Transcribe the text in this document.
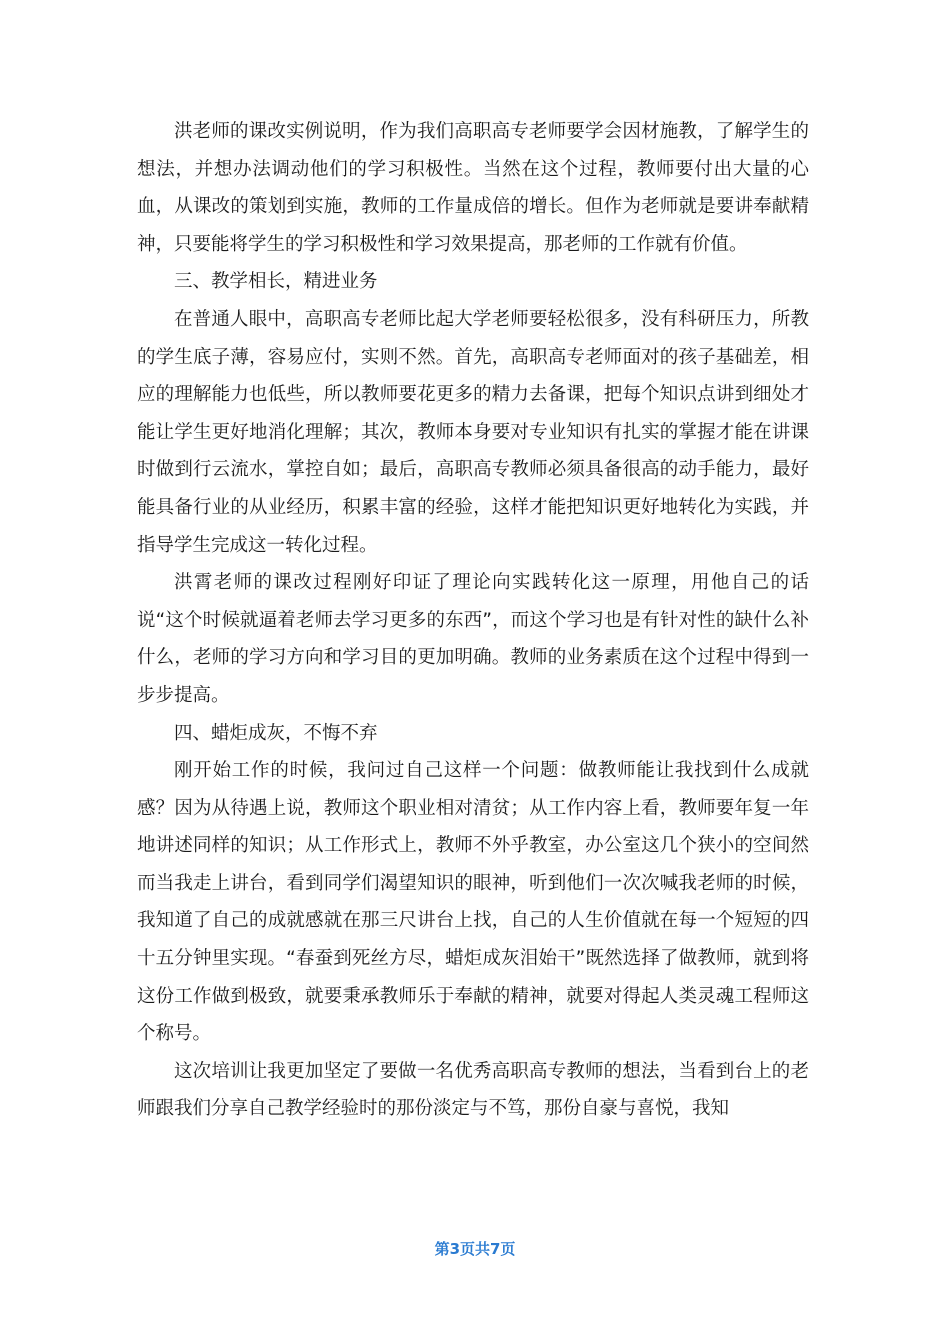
洪老师的课改实例说明，作为我们高职高专老师要学会因材施教，了解学生的想法，并想办法调动他们的学习积极性。当然在这个过程，教师要付出大量的心血，从课改的策划到实施，教师的工作量成倍的增长。但作为老师就是要讲奉献精神，只要能将学生的学习积极性和学习效果提高，那老师的工作就有价值。

三、教学相长，精进业务

在普通人眼中，高职高专老师比起大学老师要轻松很多，没有科研压力，所教的学生底子薄，容易应付，实则不然。首先，高职高专老师面对的孩子基础差，相应的理解能力也低些，所以教师要花更多的精力去备课，把每个知识点讲到细处才能让学生更好地消化理解；其次，教师本身要对专业知识有扎实的掌握才能在讲课时做到行云流水，掌控自如；最后，高职高专教师必须具备很高的动手能力，最好能具备行业的从业经历，积累丰富的经验，这样才能把知识更好地转化为实践，并指导学生完成这一转化过程。

洪霄老师的课改过程刚好印证了理论向实践转化这一原理，用他自己的话说“这个时候就逼着老师去学习更多的东西”，而这个学习也是有针对性的缺什么补什么，老师的学习方向和学习目的更加明确。教师的业务素质在这个过程中得到一步步提高。

四、蜡炬成灰，不悔不弃

刚开始工作的时候，我问过自己这样一个问题：做教师能让我找到什么成就感？因为从待遇上说，教师这个职业相对清贫；从工作内容上看，教师要年复一年地讲述同样的知识；从工作形式上，教师不外乎教室，办公室这几个狭小的空间然而当我走上讲台，看到同学们渴望知识的眼神，听到他们一次次喊我老师的时候，我知道了自己的成就感就在那三尺讲台上找，自己的人生价值就在每一个短短的四十五分钟里实现。“春蚕到死丝方尽，蜡炬成灰泪始干”既然选择了做教师，就到将这份工作做到极致，就要秉承教师乐于奉献的精神，就要对得起人类灵魂工程师这个称号。

这次培训让我更加坚定了要做一名优秀高职高专教师的想法，当看到台上的老师跟我们分享自己教学经验时的那份淡定与不笃，那份自豪与喜悦，我知

第3页共7页
